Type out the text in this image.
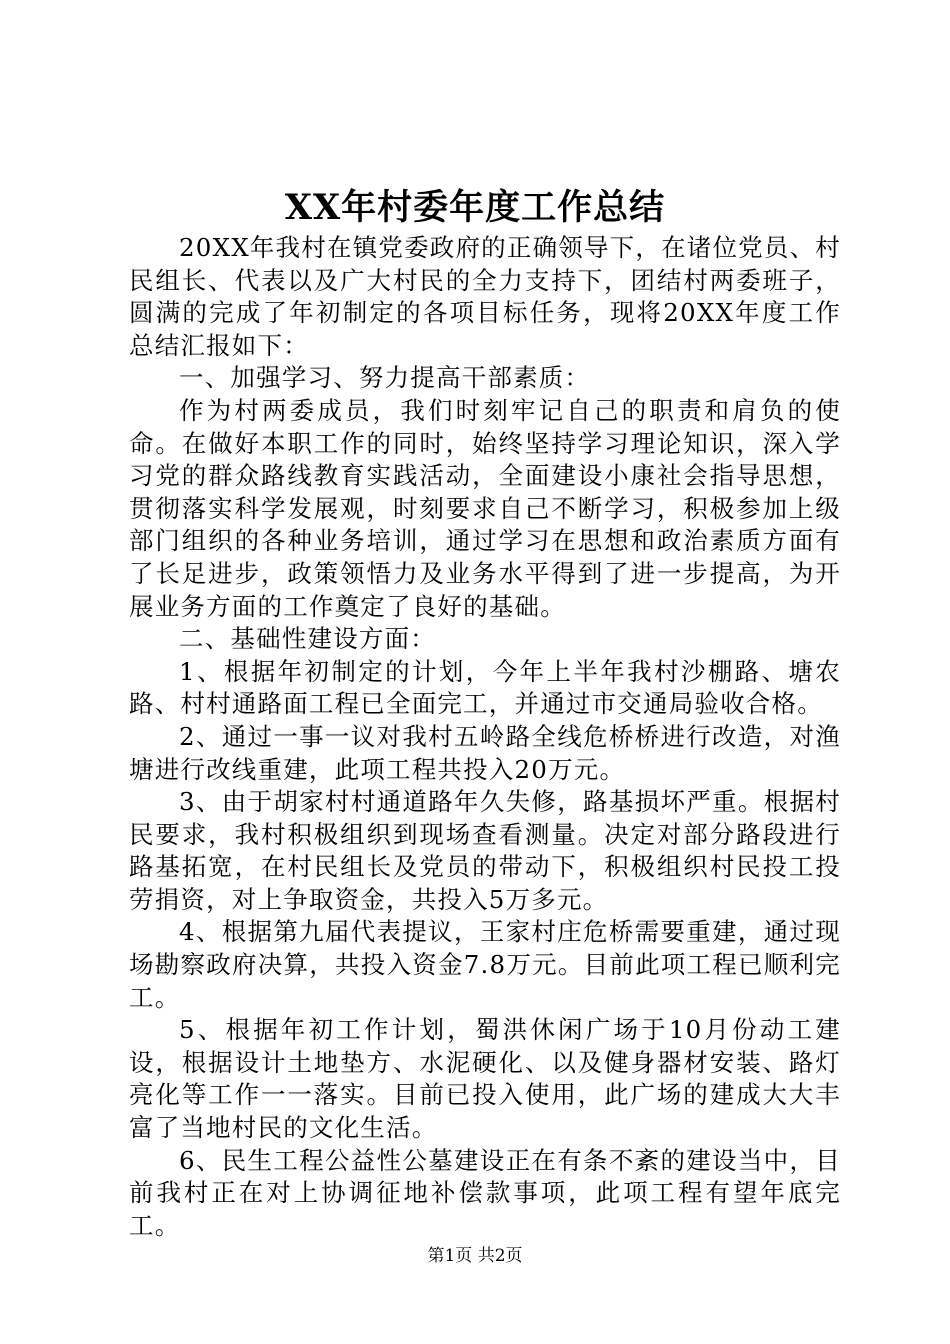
XX年村委年度工作总结

20XX年我村在镇党委政府的正确领导下，在诸位党员、村民组长、代表以及广大村民的全力支持下，团结村两委班子，圆满的完成了年初制定的各项目标任务，现将20XX年度工作总结汇报如下：

一、加强学习、努力提高干部素质：

作为村两委成员，我们时刻牢记自己的职责和肩负的使命。在做好本职工作的同时，始终坚持学习理论知识，深入学习党的群众路线教育实践活动，全面建设小康社会指导思想，贯彻落实科学发展观，时刻要求自己不断学习，积极参加上级部门组织的各种业务培训，通过学习在思想和政治素质方面有了长足进步，政策领悟力及业务水平得到了进一步提高，为开展业务方面的工作奠定了良好的基础。

二、基础性建设方面：

1、根据年初制定的计划，今年上半年我村沙棚路、塘农路、村村通路面工程已全面完工，并通过市交通局验收合格。

2、通过一事一议对我村五岭路全线危桥桥进行改造，对渔塘进行改线重建，此项工程共投入20万元。

3、由于胡家村村通道路年久失修，路基损坏严重。根据村民要求，我村积极组织到现场查看测量。决定对部分路段进行路基拓宽，在村民组长及党员的带动下，积极组织村民投工投劳捐资，对上争取资金，共投入5万多元。

4、根据第九届代表提议，王家村庄危桥需要重建，通过现场勘察政府决算，共投入资金7.8万元。目前此项工程已顺利完工。

5、根据年初工作计划，蜀洪休闲广场于10月份动工建设，根据设计土地垫方、水泥硬化、以及健身器材安装、路灯亮化等工作一一落实。目前已投入使用，此广场的建成大大丰富了当地村民的文化生活。

6、民生工程公益性公墓建设正在有条不紊的建设当中，目前我村正在对上协调征地补偿款事项，此项工程有望年底完工。

第1页 共2页
